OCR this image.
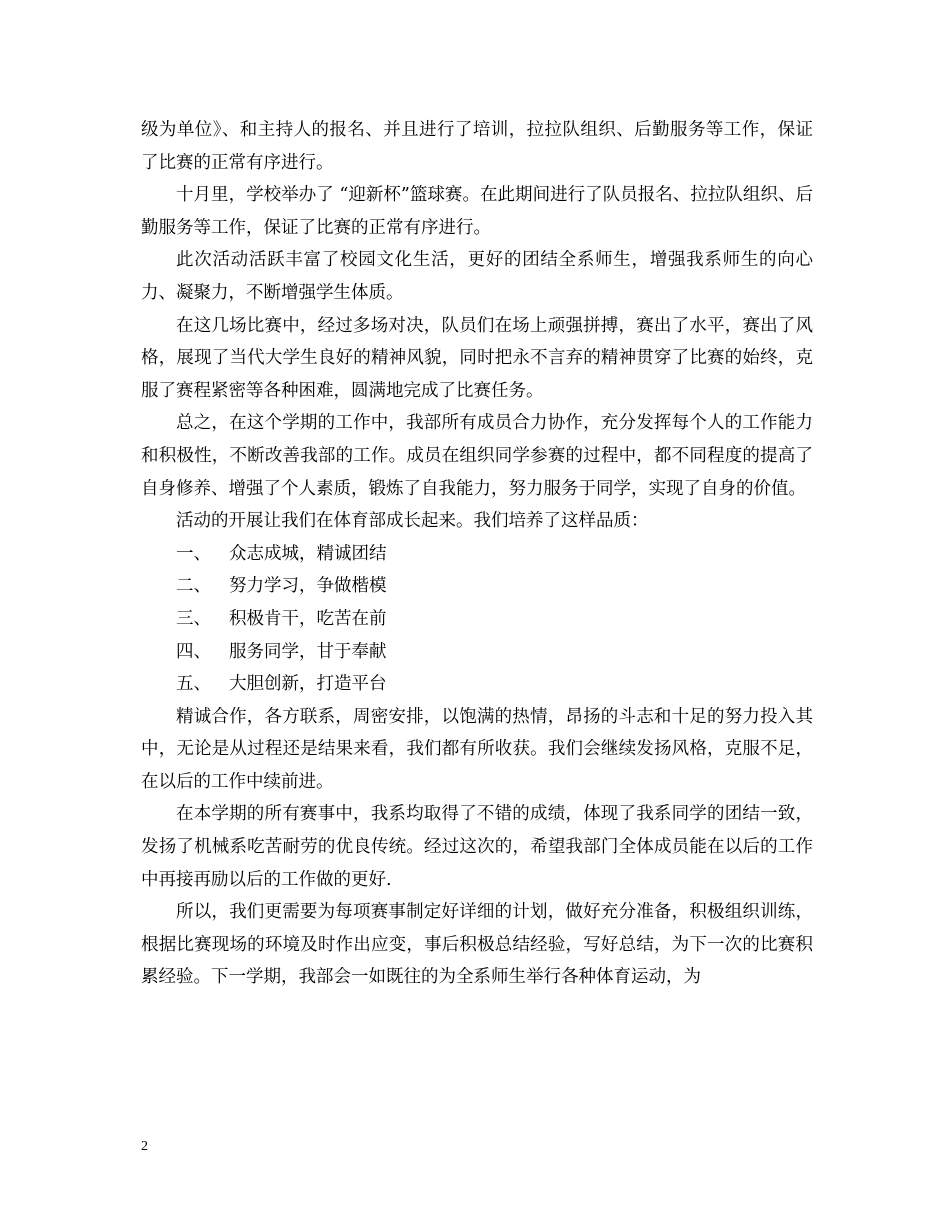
级为单位》、和主持人的报名、并且进行了培训，拉拉队组织、后勤服务等工作，保证了比赛的正常有序进行。

十月里，学校举办了 “迎新杯”篮球赛。在此期间进行了队员报名、拉拉队组织、后勤服务等工作，保证了比赛的正常有序进行。

此次活动活跃丰富了校园文化生活，更好的团结全系师生，增强我系师生的向心力、凝聚力，不断增强学生体质。

在这几场比赛中，经过多场对决，队员们在场上顽强拼搏，赛出了水平，赛出了风格，展现了当代大学生良好的精神风貌，同时把永不言弃的精神贯穿了比赛的始终，克服了赛程紧密等各种困难，圆满地完成了比赛任务。

总之，在这个学期的工作中，我部所有成员合力协作，充分发挥每个人的工作能力和积极性，不断改善我部的工作。成员在组织同学参赛的过程中，都不同程度的提高了自身修养、增强了个人素质，锻炼了自我能力，努力服务于同学，实现了自身的价值。

活动的开展让我们在体育部成长起来。我们培养了这样品质：

一、	众志成城，精诚团结
二、	努力学习，争做楷模
三、	积极肯干，吃苦在前
四、	服务同学，甘于奉献
五、	大胆创新，打造平台

精诚合作，各方联系，周密安排，以饱满的热情，昂扬的斗志和十足的努力投入其中，无论是从过程还是结果来看，我们都有所收获。我们会继续发扬风格，克服不足，在以后的工作中续前进。

在本学期的所有赛事中，我系均取得了不错的成绩，体现了我系同学的团结一致，发扬了机械系吃苦耐劳的优良传统。经过这次的，希望我部门全体成员能在以后的工作中再接再励以后的工作做的更好.

所以，我们更需要为每项赛事制定好详细的计划，做好充分准备，积极组织训练，根据比赛现场的环境及时作出应变，事后积极总结经验，写好总结，为下一次的比赛积累经验。下一学期，我部会一如既往的为全系师生举行各种体育运动，为

2
